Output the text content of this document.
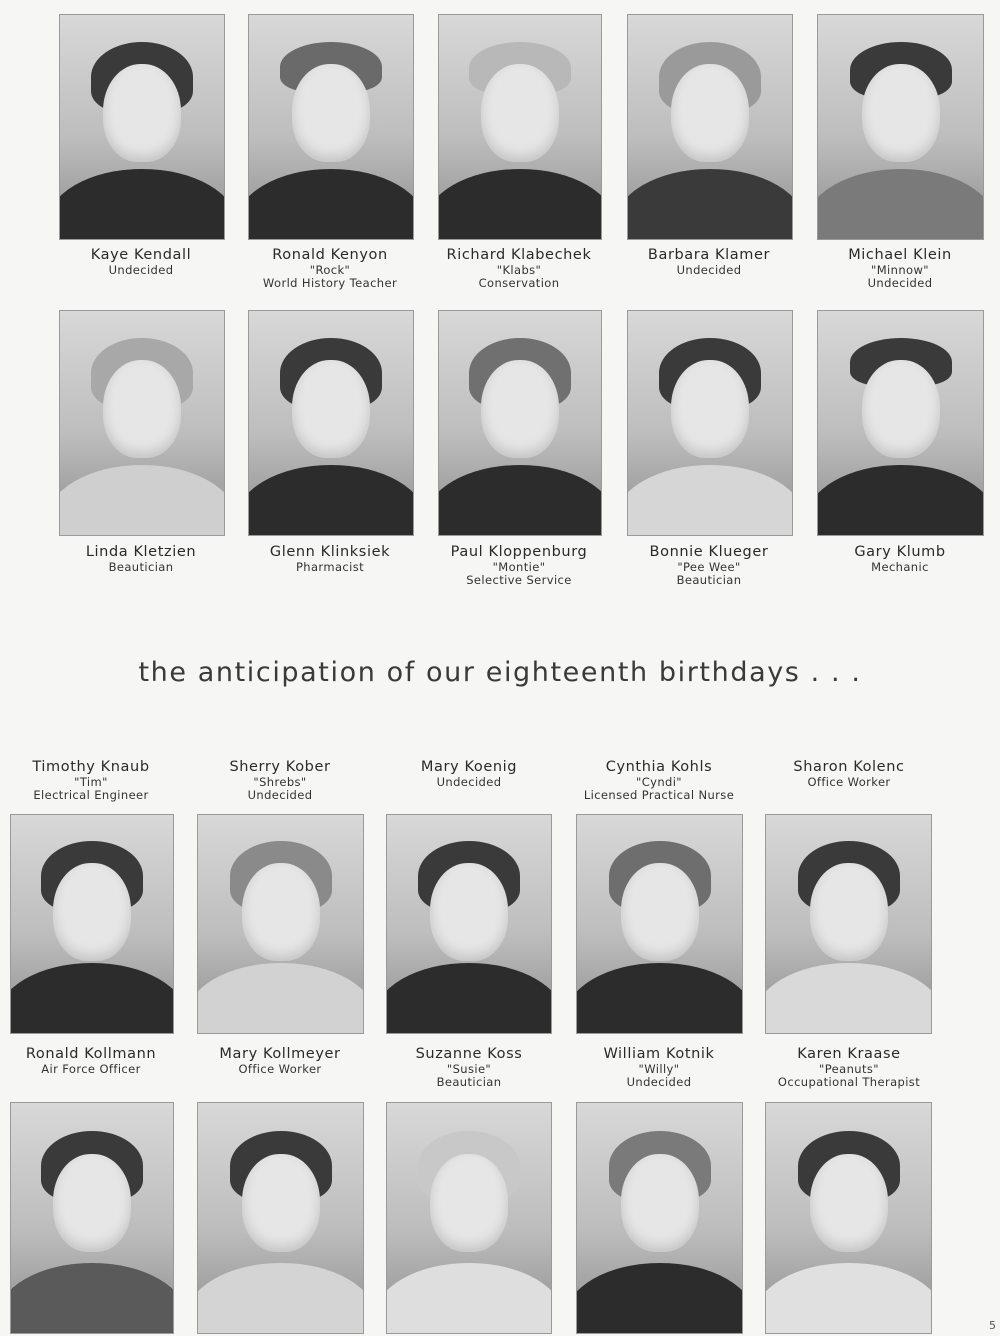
Kaye Kendall
Undecided
Ronald Kenyon
"Rock"
World History Teacher
Richard Klabechek
"Klabs"
Conservation
Barbara Klamer
Undecided
Michael Klein
"Minnow"
Undecided
Linda Kletzien
Beautician
Glenn Klinksiek
Pharmacist
Paul Kloppenburg
"Montie"
Selective Service
Bonnie Klueger
"Pee Wee"
Beautician
Gary Klumb
Mechanic
the anticipation of our eighteenth birthdays . . .
Timothy Knaub
"Tim"
Electrical Engineer
Sherry Kober
"Shrebs"
Undecided
Mary Koenig
Undecided
Cynthia Kohls
"Cyndi"
Licensed Practical Nurse
Sharon Kolenc
Office Worker
Ronald Kollmann
Air Force Officer
Mary Kollmeyer
Office Worker
Suzanne Koss
"Susie"
Beautician
William Kotnik
"Willy"
Undecided
Karen Kraase
"Peanuts"
Occupational Therapist
5
